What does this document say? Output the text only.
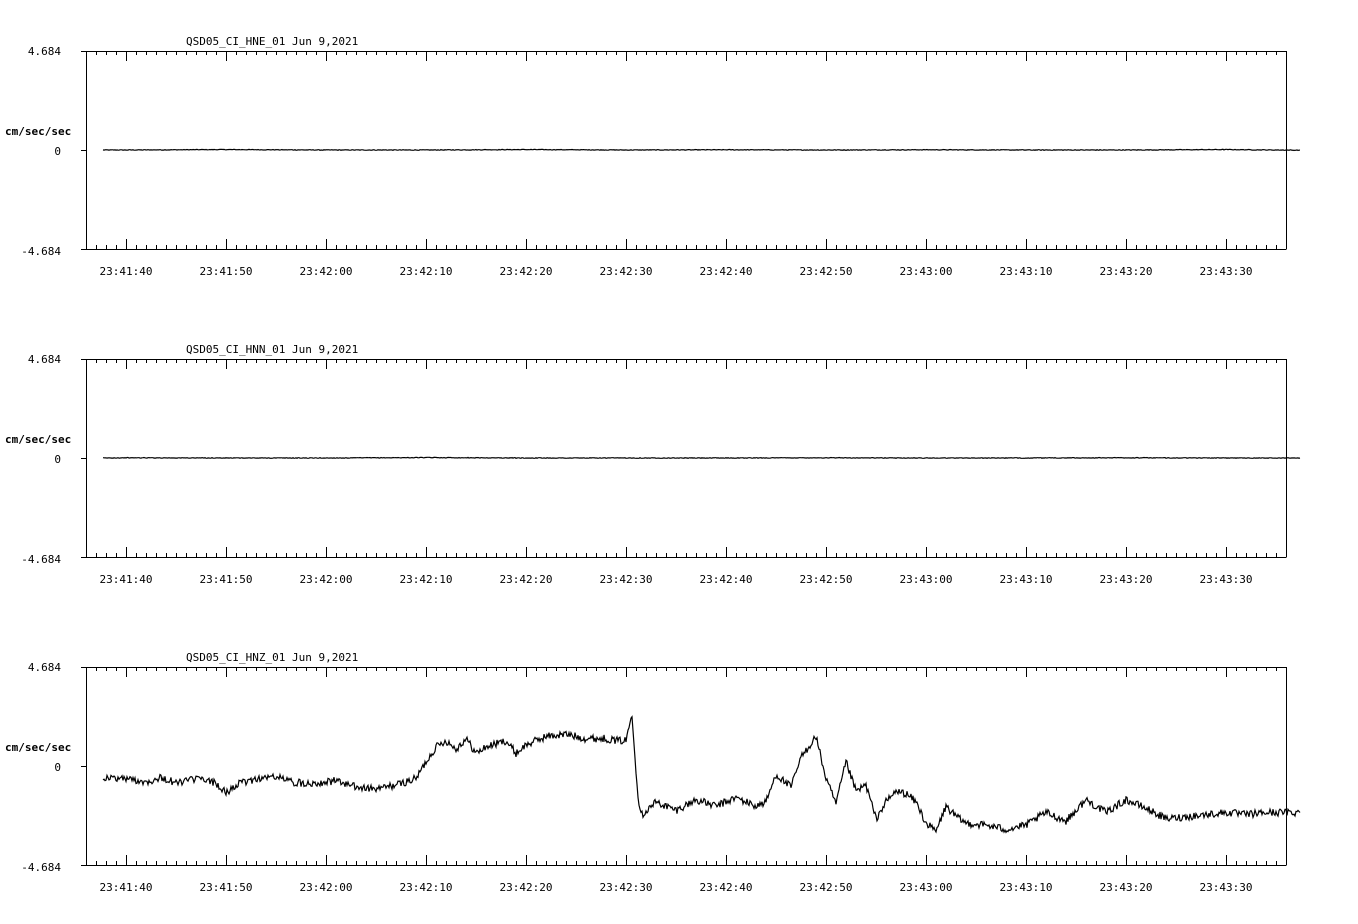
QSD05_CI_HNE_01 Jun 9,2021
4.684
0
-4.684
cm/sec/sec
23:41:40	23:41:50	23:42:00	23:42:10	23:42:20	23:42:30	23:42:40	23:42:50	23:43:00	23:43:10	23:43:20	23:43:30
QSD05_CI_HNN_01 Jun 9,2021
4.684
0
-4.684
cm/sec/sec
23:41:40	23:41:50	23:42:00	23:42:10	23:42:20	23:42:30	23:42:40	23:42:50	23:43:00	23:43:10	23:43:20	23:43:30
QSD05_CI_HNZ_01 Jun 9,2021
4.684
0
-4.684
cm/sec/sec
23:41:40	23:41:50	23:42:00	23:42:10	23:42:20	23:42:30	23:42:40	23:42:50	23:43:00	23:43:10	23:43:20	23:43:30
